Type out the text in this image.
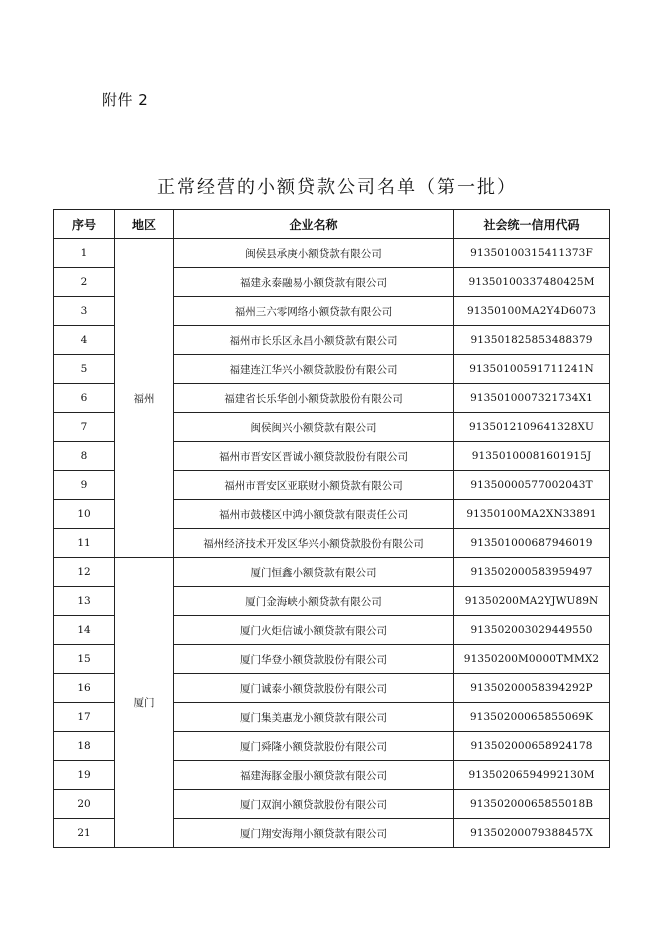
附件 2
正常经营的小额贷款公司名单（第一批）
序号	地区	企业名称	社会统一信用代码
1	福州	闽侯县承庚小额贷款有限公司	91350100315411373F
2		福建永泰融易小额贷款有限公司	91350100337480425M
3		福州三六零网络小额贷款有限公司	91350100MA2Y4D6073
4		福州市长乐区永昌小额贷款有限公司	913501825853488379
5		福建连江华兴小额贷款股份有限公司	91350100591711241N
6		福建省长乐华创小额贷款股份有限公司	9135010007321734X1
7		闽侯闽兴小额贷款有限公司	9135012109641328XU
8		福州市晋安区晋诚小额贷款股份有限公司	91350100081601915J
9		福州市晋安区亚联财小额贷款有限公司	91350000577002043T
10		福州市鼓楼区中鸿小额贷款有限责任公司	91350100MA2XN33891
11		福州经济技术开发区华兴小额贷款股份有限公司	913501000687946019
12	厦门	厦门恒鑫小额贷款有限公司	913502000583959497
13		厦门金海峡小额贷款有限公司	91350200MA2YJWU89N
14		厦门火炬信诚小额贷款有限公司	913502003029449550
15		厦门华登小额贷款股份有限公司	91350200M0000TMMX2
16		厦门诚泰小额贷款股份有限公司	91350200058394292P
17		厦门集美惠龙小额贷款有限公司	91350200065855069K
18		厦门舜隆小额贷款股份有限公司	913502000658924178
19		福建海豚金服小额贷款有限公司	91350206594992130M
20		厦门双润小额贷款股份有限公司	91350200065855018B
21		厦门翔安海翔小额贷款有限公司	91350200079388457X
